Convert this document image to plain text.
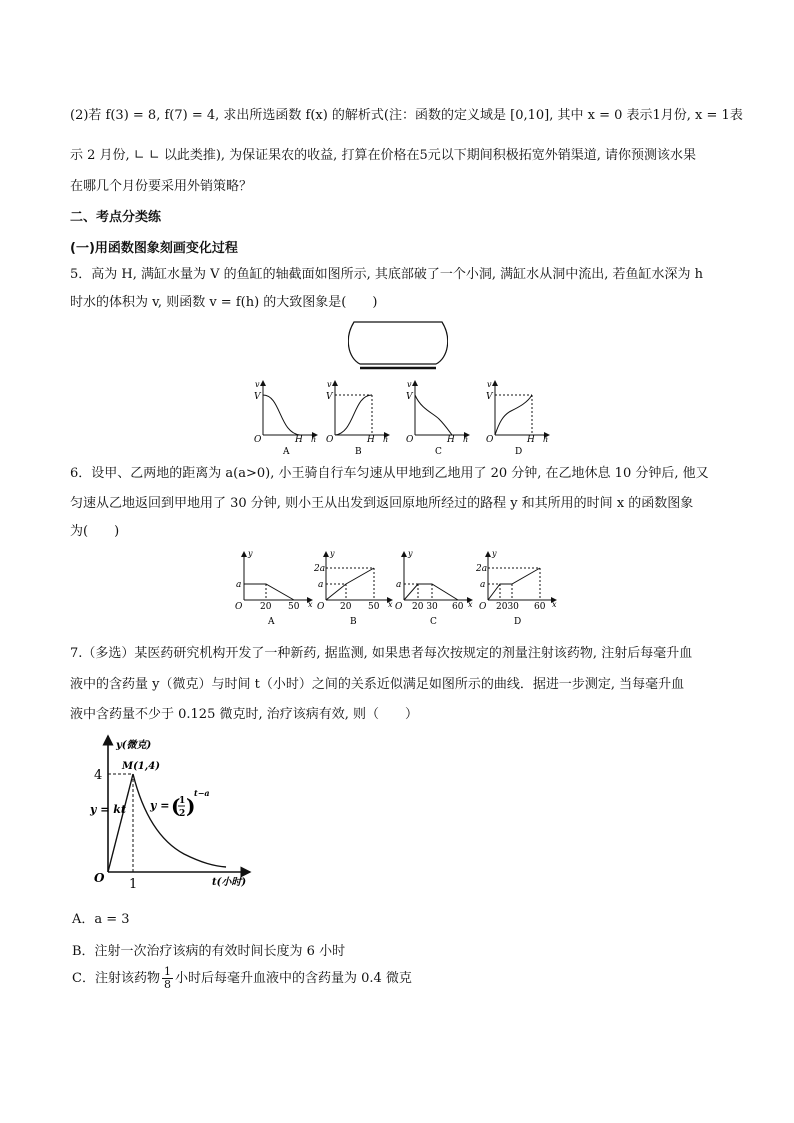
(2)若 f(3) = 8, f(7) = 4, 求出所选函数 f(x) 的解析式(注：函数的定义域是 [0,10], 其中 x = 0 表示1月份, x = 1表
示 2 月份, ∟ ∟ 以此类推), 为保证果农的收益, 打算在价格在5元以下期间积极拓宽外销渠道, 请你预测该水果
在哪几个月份要采用外销策略？
二、考点分类练
(一)用函数图象刻画变化过程
5．高为 H, 满缸水量为 V 的鱼缸的轴截面如图所示, 其底部破了一个小洞, 满缸水从洞中流出, 若鱼缸水深为 h
时水的体积为 v, 则函数 v = f(h) 的大致图象是(　　)
v
V
O	H h
A
v
V
O	H h
B
v
V
O	H h
C
v
V
O	H h
D
6．设甲、乙两地的距离为 a(a>0), 小王骑自行车匀速从甲地到乙地用了 20 分钟, 在乙地休息 10 分钟后, 他又
匀速从乙地返回到甲地用了 30 分钟, 则小王从出发到返回原地所经过的路程 y 和其所用的时间 x 的函数图象
为(　　)
y
a
O 20 50 x
A
y
2a
a
O 20 50 x
B
y
a
O 20 30 60 x
C
y
2a
a
O 2030 60 x
D
7.（多选）某医药研究机构开发了一种新药, 据监测, 如果患者每次按规定的剂量注射该药物, 注射后每毫升血
液中的含药量 y（微克）与时间 t（小时）之间的关系近似满足如图所示的曲线．据进一步测定, 当每毫升血
液中含药量不少于 0.125 微克时, 治疗该病有效, 则（　　）
y(微克)
M(1,4)
4
y = kt y = (
1
2 )
t−a
O 1	t(小时)
A．a = 3
B．注射一次治疗该病的有效时间长度为 6 小时
C．注射该药物 $\frac{1}{8}$ 小时后每毫升血液中的含药量为 0.4 微克
